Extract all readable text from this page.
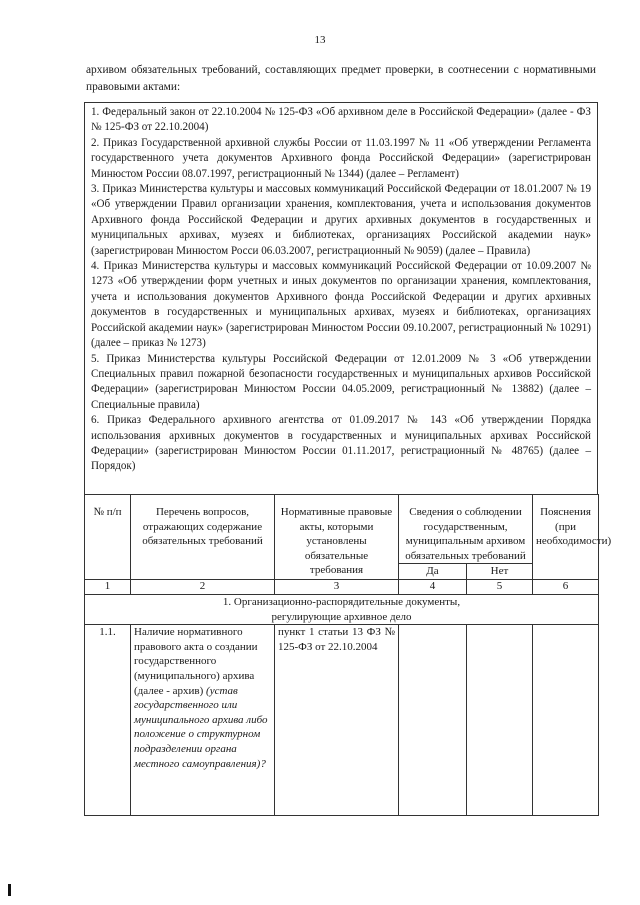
13

архивом обязательных требований, составляющих предмет проверки, в соотнесении с нормативными правовыми актами:

1. Федеральный закон от 22.10.2004 № 125-ФЗ «Об архивном деле в Российской Федерации» (далее - ФЗ № 125-ФЗ от 22.10.2004)

2. Приказ Государственной архивной службы России от 11.03.1997 № 11 «Об утверждении Регламента государственного учета документов Архивного фонда Российской Федерации» (зарегистрирован Минюстом России 08.07.1997, регистрационный № 1344) (далее – Регламент)

3. Приказ Министерства культуры и массовых коммуникаций Российской Федерации от 18.01.2007 № 19 «Об утверждении Правил организации хранения, комплектования, учета и использования документов Архивного фонда Российской Федерации и других архивных документов в государственных и муниципальных архивах, музеях и библиотеках, организациях Российской академии наук» (зарегистрирован Минюстом Росси 06.03.2007, регистрационный № 9059) (далее – Правила)

4. Приказ Министерства культуры и массовых коммуникаций Российской Федерации от 10.09.2007 № 1273 «Об утверждении форм учетных и иных документов по организации хранения, комплектования, учета и использования документов Архивного фонда Российской Федерации и других архивных документов в государственных и муниципальных архивах, музеях и библиотеках, организациях Российской академии наук» (зарегистрирован Минюстом России 09.10.2007, регистрационный № 10291) (далее – приказ № 1273)

5. Приказ Министерства культуры Российской Федерации от 12.01.2009 № 3 «Об утверждении Специальных правил пожарной безопасности государственных и муниципальных архивов Российской Федерации» (зарегистрирован Минюстом России 04.05.2009, регистрационный № 13882) (далее – Специальные правила)

6. Приказ Федерального архивного агентства от 01.09.2017 № 143 «Об утверждении Порядка использования архивных документов в государственных и муниципальных архивах Российской Федерации» (зарегистрирован Минюстом России 01.11.2017, регистрационный № 48765) (далее – Порядок)

№ п/п	Перечень вопросов, отражающих содержание обязательных требований	Нормативные правовые акты, которыми установлены обязательные требования	Сведения о соблюдении государственным, муниципальным архивом обязательных требований		Пояснения (при необходимости)
			Да	Нет	
1	2	3	4	5	6
1. Организационно-распорядительные документы, регулирующие архивное дело					
1.1.	Наличие нормативного правового акта о создании государственного (муниципального) архива (далее - архив) (устав государственного или муниципального архива либо положение о структурном подразделении органа местного самоуправления)?	пункт 1 статьи 13 ФЗ № 125-ФЗ от 22.10.2004			
